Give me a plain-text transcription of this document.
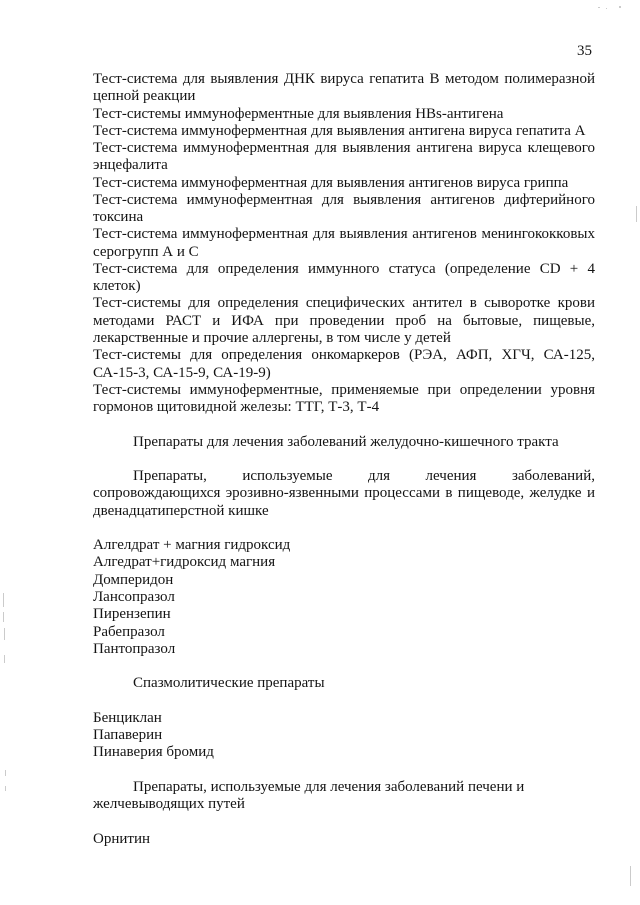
35
Тест-система для выявления ДНК вируса гепатита В методом полимеразной
цепной реакции
Тест-системы иммуноферментные для выявления HBs-антигена
Тест-система иммуноферментная для выявления антигена вируса гепатита А
Тест-система иммуноферментная для выявления антигена вируса клещевого
энцефалита
Тест-система иммуноферментная для выявления антигенов вируса гриппа
Тест-система иммуноферментная для выявления антигенов дифтерийного
токсина
Тест-система иммуноферментная для выявления антигенов менингококковых
серогрупп А и С
Тест-система для определения иммунного статуса (определение CD + 4
клеток)
Тест-системы для определения специфических антител в сыворотке крови
методами РАСТ и ИФА при проведении проб на бытовые, пищевые,
лекарственные и прочие аллергены, в том числе у детей
Тест-системы для определения онкомаркеров (РЭА, АФП, ХГЧ, СА-125,
СА-15-3, СА-15-9, СА-19-9)
Тест-системы иммуноферментные, применяемые при определении уровня
гормонов щитовидной железы: ТТГ, Т-3, Т-4
Препараты для лечения заболеваний желудочно-кишечного тракта
Препараты, используемые для лечения заболеваний,
сопровождающихся эрозивно-язвенными процессами в пищеводе, желудке и
двенадцатиперстной кишке
Алгелдрат + магния гидроксид
Алгедрат+гидроксид магния
Домперидон
Лансопразол
Пирензепин
Рабепразол
Пантопразол
Спазмолитические препараты
Бенциклан
Папаверин
Пинаверия бромид
Препараты, используемые для лечения заболеваний печени и
желчевыводящих путей
Орнитин
